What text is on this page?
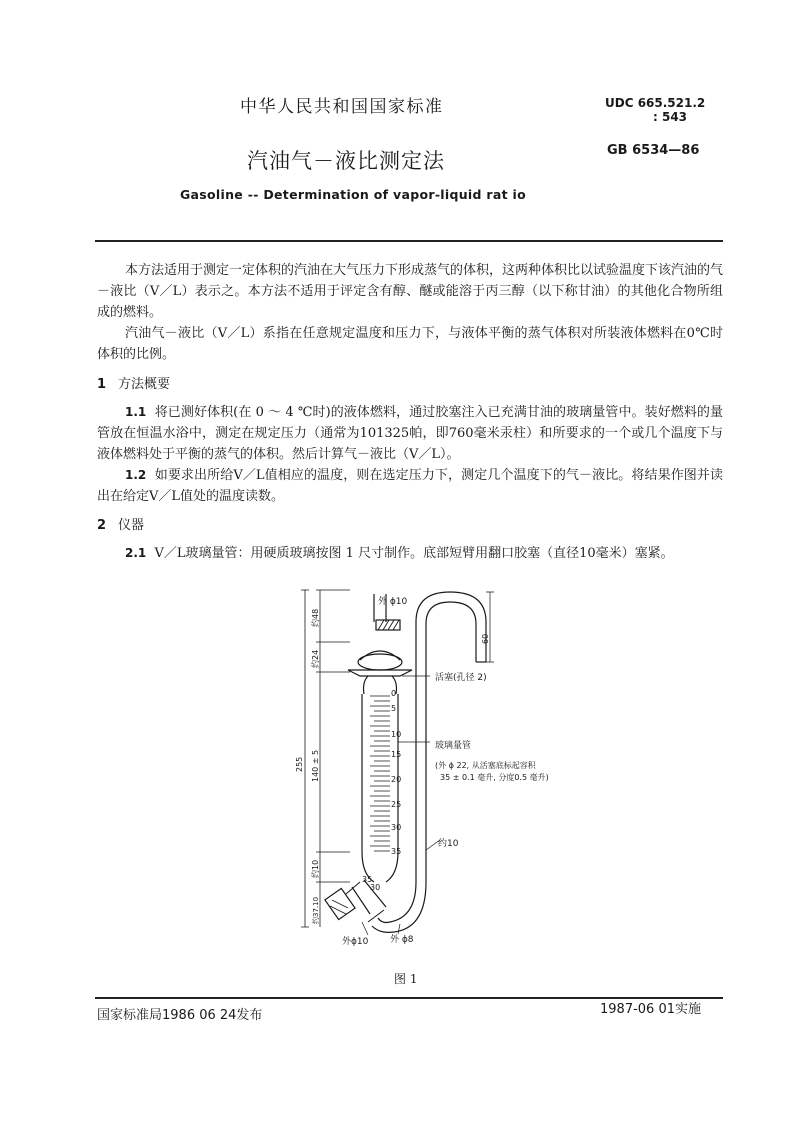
中华人民共和国国家标准	UDC 665.521.2
: 543
GB 6534—86
汽油气－液比测定法
Gasoline -- Determination of vapor-liquid rat io

本方法适用于测定一定体积的汽油在大气压力下形成蒸气的体积，这两种体积比以试验温度下该汽油的气－液比（V／L）表示之。本方法不适用于评定含有醇、醚或能溶于丙三醇（以下称甘油）的其他化合物所组成的燃料。

汽油气－液比（V／L）系指在任意规定温度和压力下，与液体平衡的蒸气体积对所装液体燃料在0℃时体积的比例。

1 方法概要

1.1 将已测好体积(在 0 ～ 4 ℃时)的液体燃料，通过胶塞注入已充满甘油的玻璃量管中。装好燃料的量管放在恒温水浴中，测定在规定压力（通常为101325帕，即760毫米汞柱）和所要求的一个或几个温度下与液体燃料处于平衡的蒸气的体积。然后计算气－液比（V／L）。

1.2 如要求出所给V／L值相应的温度，则在选定压力下，测定几个温度下的气－液比。将结果作图并读出在给定V／L值处的温度读数。

2 仪器

2.1 V／L玻璃量管：用硬质玻璃按图 1 尺寸制作。底部短臂用翻口胶塞（直径10毫米）塞紧。

0
5
10
15
20
25
30
35
35
30
外 ϕ10
活塞(孔径 2)
玻璃量管
(外 ϕ 22, 从活塞底标起容积
35 ± 0.1 毫升, 分度0.5 毫升)
约10
外ϕ10 外 ϕ8
255
约48
约24
140 ± 5
约10
约37.10
60
图 1
国家标准局1986 06 24发布	1987-06 01实施
